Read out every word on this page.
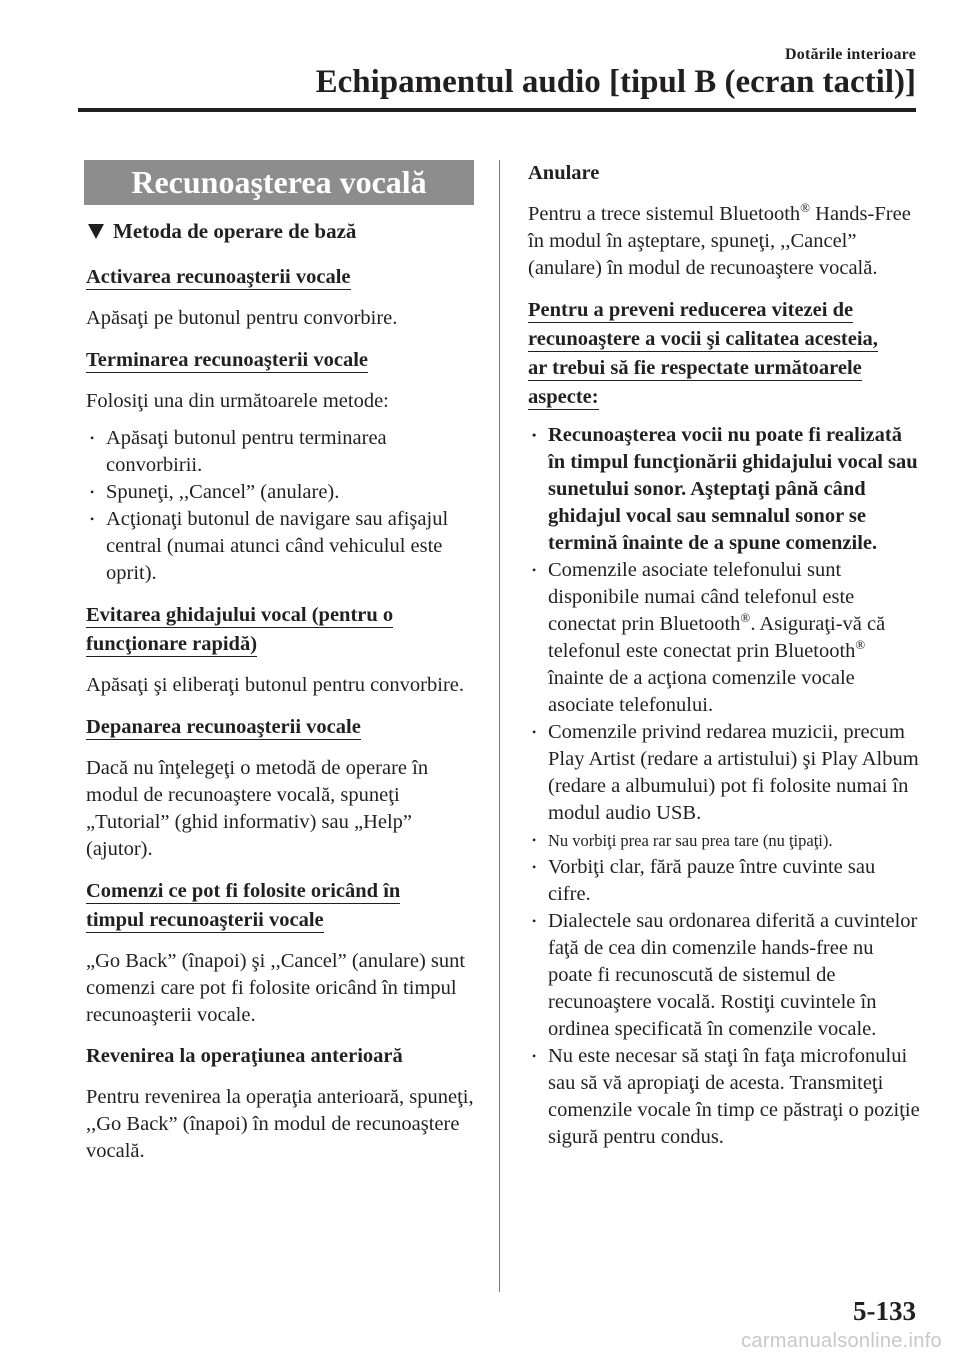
Dotările interioare
Echipamentul audio [tipul B (ecran tactil)]
Recunoaşterea vocală
Metoda de operare de bază
Activarea recunoaşterii vocale

Apăsaţi pe butonul pentru convorbire.

Terminarea recunoaşterii vocale

Folosiţi una din următoarele metode:

• Apăsaţi butonul pentru terminarea convorbirii.
• Spuneţi, ,,Cancel” (anulare).
• Acţionaţi butonul de navigare sau afişajul central (numai atunci când vehiculul este oprit).
Evitarea ghidajului vocal (pentru o
funcţionare rapidă)

Apăsaţi şi eliberaţi butonul pentru convorbire.

Depanarea recunoaşterii vocale

Dacă nu înţelegeţi o metodă de operare în modul de recunoaştere vocală, spuneţi „Tutorial” (ghid informativ) sau „Help” (ajutor).

Comenzi ce pot fi folosite oricând în
timpul recunoaşterii vocale

„Go Back” (înapoi) şi ,,Cancel” (anulare) sunt comenzi care pot fi folosite oricând în timpul recunoaşterii vocale.

Revenirea la operaţiunea anterioară

Pentru revenirea la operaţia anterioară, spuneţi, ,,Go Back” (înapoi) în modul de recunoaştere vocală.

Anulare

Pentru a trece sistemul Bluetooth® Hands-Free în modul în aşteptare, spuneţi, ,,Cancel” (anulare) în modul de recunoaştere vocală.

Pentru a preveni reducerea vitezei de
recunoaştere a vocii şi calitatea acesteia,
ar trebui să fie respectate următoarele
aspecte:
• Recunoaşterea vocii nu poate fi realizată în timpul funcţionării ghidajului vocal sau sunetului sonor. Aşteptaţi până când ghidajul vocal sau semnalul sonor se termină înainte de a spune comenzile.
• Comenzile asociate telefonului sunt disponibile numai când telefonul este conectat prin Bluetooth®. Asiguraţi-vă că telefonul este conectat prin Bluetooth® înainte de a acţiona comenzile vocale asociate telefonului.
• Comenzile privind redarea muzicii, precum Play Artist (redare a artistului) şi Play Album (redare a albumului) pot fi folosite numai în modul audio USB.
• Nu vorbiţi prea rar sau prea tare (nu ţipaţi).
• Vorbiţi clar, fără pauze între cuvinte sau cifre.
• Dialectele sau ordonarea diferită a cuvintelor faţă de cea din comenzile hands-free nu poate fi recunoscută de sistemul de recunoaştere vocală. Rostiţi cuvintele în ordinea specificată în comenzile vocale.
• Nu este necesar să staţi în faţa microfonului sau să vă apropiaţi de acesta. Transmiteţi comenzile vocale în timp ce păstraţi o poziţie sigură pentru condus.
5-133
carmanualsonline.info
